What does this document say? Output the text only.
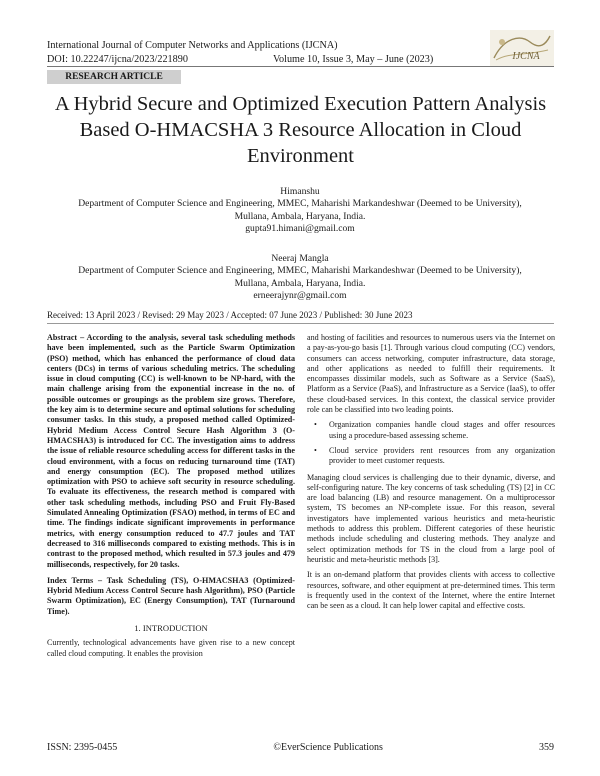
International Journal of Computer Networks and Applications (IJCNA)
DOI: 10.22247/ijcna/2023/221890	Volume 10, Issue 3, May – June (2023)	IJCNA
RESEARCH ARTICLE
A Hybrid Secure and Optimized Execution Pattern Analysis Based O-HMACSHA 3 Resource Allocation in Cloud Environment
Himanshu
Department of Computer Science and Engineering, MMEC, Maharishi Markandeshwar (Deemed to be University),
Mullana, Ambala, Haryana, India.
gupta91.himani@gmail.com
Neeraj Mangla
Department of Computer Science and Engineering, MMEC, Maharishi Markandeshwar (Deemed to be University),
Mullana, Ambala, Haryana, India.
erneerajynr@gmail.com
Received: 13 April 2023 / Revised: 29 May 2023 / Accepted: 07 June 2023 / Published: 30 June 2023

Abstract – According to the analysis, several task scheduling methods have been implemented, such as the Particle Swarm Optimization (PSO) method, which has enhanced the performance of cloud data centers (DCs) in terms of various scheduling metrics. The scheduling issue in cloud computing (CC) is well-known to be NP-hard, with the main challenge arising from the exponential increase in the no. of possible outcomes or groupings as the problem size grows. Therefore, the key aim is to determine secure and optimal solutions for scheduling consumer tasks. In this study, a proposed method called Optimized-Hybrid Medium Access Control Secure Hash Algorithm 3 (O-HMACSHA3) is introduced for CC. The investigation aims to address the issue of reliable resource scheduling access for different tasks in the cloud environment, with a focus on reducing turnaround time (TAT) and energy consumption (EC). The proposed method utilizes optimization with PSO to achieve soft security in resource scheduling. To evaluate its effectiveness, the research method is compared with other task scheduling methods, including PSO and Fruit Fly-Based Simulated Annealing Optimization (FSAO) method, in terms of EC and time. The findings indicate significant improvements in performance metrics, with energy consumption reduced to 47.7 joules and TAT decreased to 316 milliseconds compared to existing methods. This is in contrast to the proposed method, which resulted in 57.3 joules and 479 milliseconds, respectively, for 20 tasks.

Index Terms – Task Scheduling (TS), O-HMACSHA3 (Optimized-Hybrid Medium Access Control Secure hash Algorithm), PSO (Particle Swarm Optimization), EC (Energy Consumption), TAT (Turnaround Time).

1. INTRODUCTION

Currently, technological advancements have given rise to a new concept called cloud computing. It enables the provision

and hosting of facilities and resources to numerous users via the Internet on a pay-as-you-go basis [1]. Through various cloud computing (CC) vendors, consumers can access networking, computer infrastructure, data storage, and other applications as needed to fulfill their requirements. It encompasses dissimilar models, such as Software as a Service (SaaS), Platform as a Service (PaaS), and Infrastructure as a Service (IaaS), to offer these cloud-based services. In this context, the classical service provider role can be classified into two leading points.

• Organization companies handle cloud stages and offer resources using a procedure-based assessing scheme.
• Cloud service providers rent resources from any organization provider to meet customer requests.

Managing cloud services is challenging due to their dynamic, diverse, and self-configuring nature. The key concerns of task scheduling (TS) [2] in CC are load balancing (LB) and resource management. On a multiprocessor system, TS becomes an NP-complete issue. For this reason, several investigators have implemented various heuristics and meta-heuristic methods to address this problem. Different categories of these heuristic methods include scheduling and clustering methods. They analyze and select optimization methods for TS in the cloud from a large pool of heuristic and meta-heuristic methods [3].

It is an on-demand platform that provides clients with access to collective resources, software, and other equipment at pre-determined times. This term is frequently used in the context of the Internet, where the entire Internet can be seen as a cloud. It can help lower capital and effective costs.

ISSN: 2395-0455	©EverScience Publications	359
